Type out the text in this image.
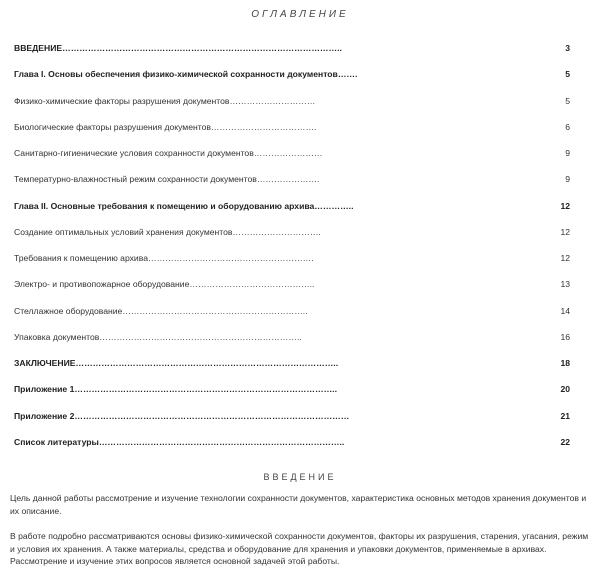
ОГЛАВЛЕНИЕ
ВВЕДЕНИЕ……………………………………………………………………………………..	3
Глава I. Основы обеспечения физико-химической сохранности документов…….	5
Физико-химические факторы разрушения документов…………………………	5
Биологические факторы разрушения документов……………………………….	6
Санитарно-гигиенические условия сохранности документов……………………	9
Температурно-влажностный режим сохранности документов………………….	9
Глава II. Основные требования к помещению и оборудованию архива…………..	12
Создание оптимальных условий хранения документов………………………….	12
Требования к помещению архива………………………………………………….	12
Электро- и противопожарное оборудование……………………………………..	13
Стеллажное оборудование………………………………………………………..	14
Упаковка документов……………………………………………………………..	16
ЗАКЛЮЧЕНИЕ………………………………………………………………………………..	18
Приложение 1………………………………………………………………………………..	20
Приложение 2……………………………………………………………………………………	21
Список литературы…………………………………………………………………………..	22
ВВЕДЕНИЕ

Цель данной работы рассмотрение и изучение технологии сохранности документов, характеристика основных методов хранения документов и их описание.

В работе подробно рассматриваются основы физико-химической сохранности документов, факторы их разрушения, старения, угасания, режим и условия их хранения. А также материалы, средства и оборудование для хранения и упаковки документов, применяемые в архивах. Рассмотрение и изучение этих вопросов является основной задачей этой работы.
